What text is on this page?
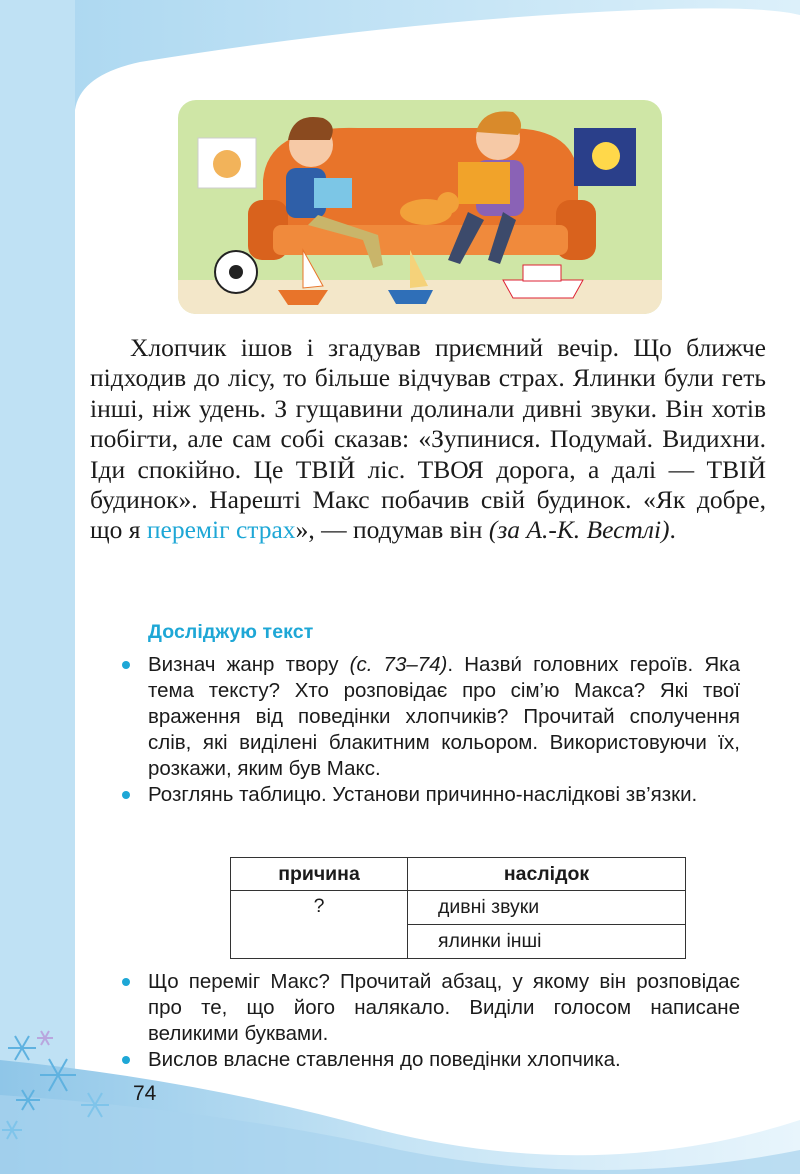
Хлопчик ішов і згадував приємний вечір. Що ближче підходив до лісу, то більше відчував страх. Ялинки були геть інші, ніж удень. З гущавини долинали дивні звуки. Він хотів побігти, але сам собі сказав: «Зупинися. Подумай. Видихни. Іди спокійно. Це ТВІЙ ліс. ТВОЯ дорога, а далі — ТВІЙ будинок». Нарешті Макс побачив свій будинок. «Як добре, що я переміг страх», — подумав він (за А.-К. Вестлі).

Досліджую текст
Визнач жанр твору (с. 73–74). Назви́ головних героїв. Яка тема тексту? Хто розповідає про сім’ю Макса? Які твої враження від поведінки хлопчиків? Прочитай сполучення слів, які виділені блакитним кольором. Використовуючи їх, розкажи, яким був Макс.
Розглянь таблицю. Установи причинно-наслідкові зв’язки.
причина	наслідок
?	дивні звуки
	ялинки інші
Що переміг Макс? Прочитай абзац, у якому він розповідає про те, що його налякало. Виділи голосом написане великими буквами.
Вислов власне ставлення до поведінки хлопчика.
74
